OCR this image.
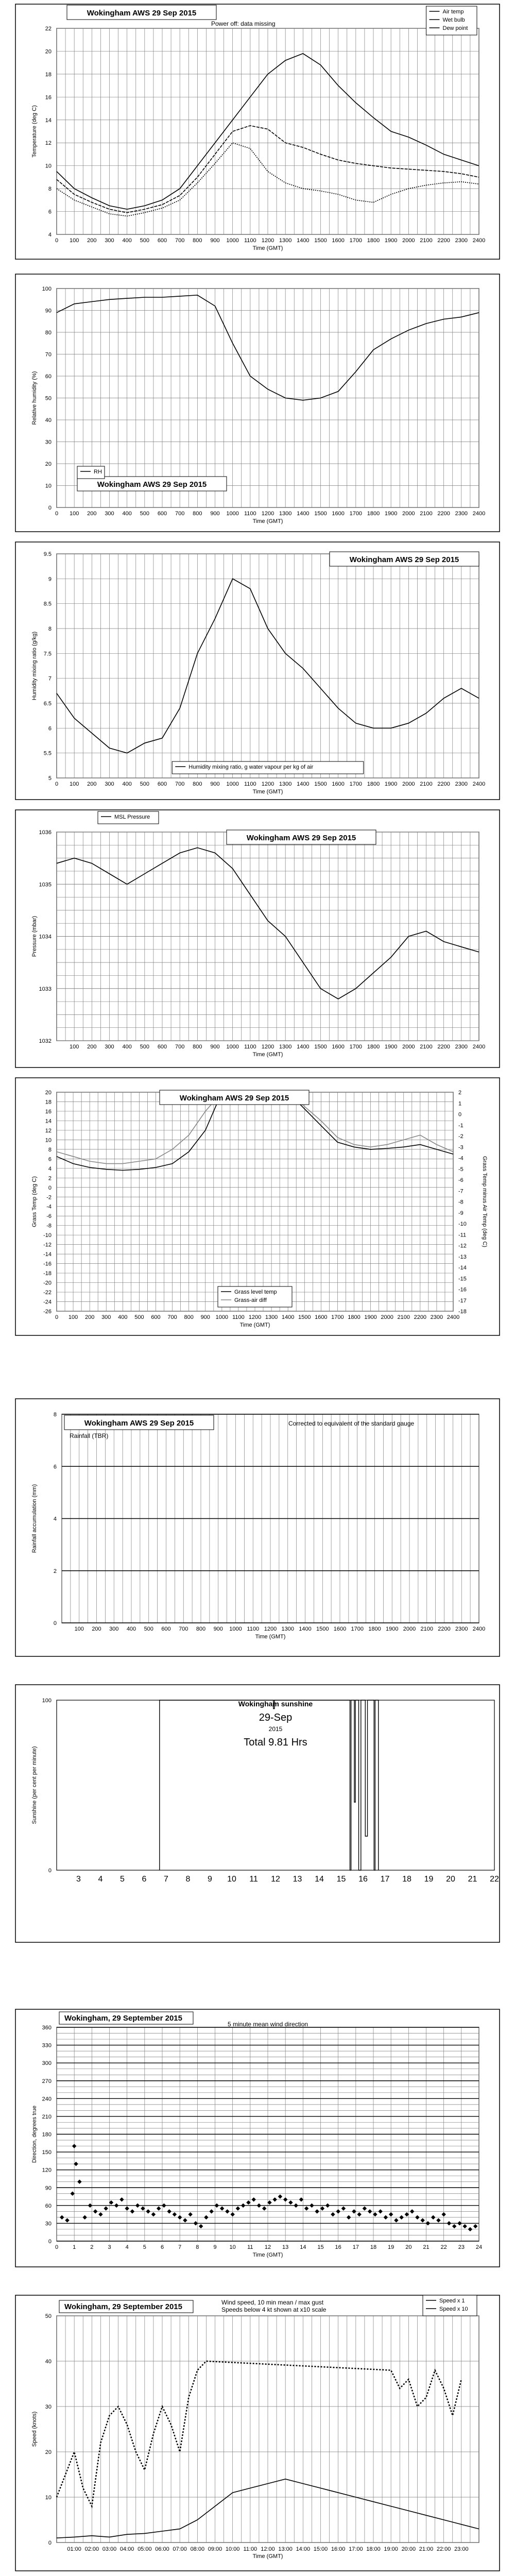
0 100 200 300 400 500 600 700 800 900 1000 1100 1200 1300 1400 1500 1600 1700 1800 1900 2000 2100 2200 2300 2400
4
6
8
10
12
14
16
18
20
22
Time (GMT)
Temperature (deg C)
Wokingham AWS 29 Sep 2015
Power off: data missing
Air temp
Wet bulb
Dew point
0 100 200 300 400 500 600 700 800 900 1000 1100 1200 1300 1400 1500 1600 1700 1800 1900 2000 2100 2200 2300 2400
0
10
20
30
40
50
60
70
80
90
100
Time (GMT)
Relative humidity (%)
Wokingham AWS 29 Sep 2015
RH
0 100 200 300 400 500 600 700 800 900 1000 1100 1200 1300 1400 1500 1600 1700 1800 1900 2000 2100 2200 2300 2400
5
5.5
6
6.5
7
7.5
8
8.5
9
9.5
Time (GMT)
Humidity mixing ratio (g/kg)
Wokingham AWS 29 Sep 2015
Humidity mixing ratio, g water vapour per kg of air
100 200 300 400 500 600 700 800 900 1000 1100 1200 1300 1400 1500 1600 1700 1800 1900 2000 2100 2200 2300 2400
1032
1033
1034
1035
1036
Time (GMT)
Pressure (mbar)
Wokingham AWS 29 Sep 2015
MSL Pressure
0 100 200 300 400 500 600 700 800 900 1000 1100 1200 1300 1400 1500 1600 1700 1800 1900 2000 2100 2200 2300 2400
-26
-24
-22
-20
-18
-16
-14
-12
-10
-8
-6
-4
-2
0
2
4
6
8
10
12
14
16
18
20	2
1
0
-1
-2
-3
-4
-5
-6
-7
-8
-9
-10
-11
-12
-13
-14
-15
-16
-17
-18
Grass Temp minus Air Temp (deg C)
Time (GMT)
Grass Temp (deg C)
Wokingham AWS 29 Sep 2015
Grass level temp
Grass-air diff
100 200 300 400 500 600 700 800 900 1000 1100 1200 1300 1400 1500 1600 1700 1800 1900 2000 2100 2200 2300 2400
0
2
4
6
8
Time (GMT)
Rainfall accumulation (mm)
Wokingham AWS 29 Sep 2015
Rainfall (TBR)
Corrected to equivalent of the standard gauge
3 4 5 6 7 8 9 10 11 12 13 14 15 16 17 18 19 20 21 22
0
100
Sunshine (per cent per minute)
Wokingham sunshine
29-Sep
2015
Total 9.81 Hrs
0	1	2	3	4	5	6	7	8	9 10 11 12 13 14 15 16 17 18 19 20 21 22 23 24
0
30
60
90
120
150
180
210
240
270
300
330
360
Time (GMT)
Direction, degrees true
Wokingham, 29 September 2015
5 minute mean wind direction
01:00 02:00 03:00 04:00 05:00 06:00 07:00 08:00 09:00 10:00 11:00 12:00 13:00 14:00 15:00 16:00 17:00 18:00 19:00 20:00 21:00 22:00 23:00
0
10
20
30
40
50
Time (GMT)
Speed (knots)
Wokingham, 29 September 2015	Wind speed, 10 min mean / max gust
Speeds below 4 kt shown at x10 scale
Speed x 1
Speed x 10
